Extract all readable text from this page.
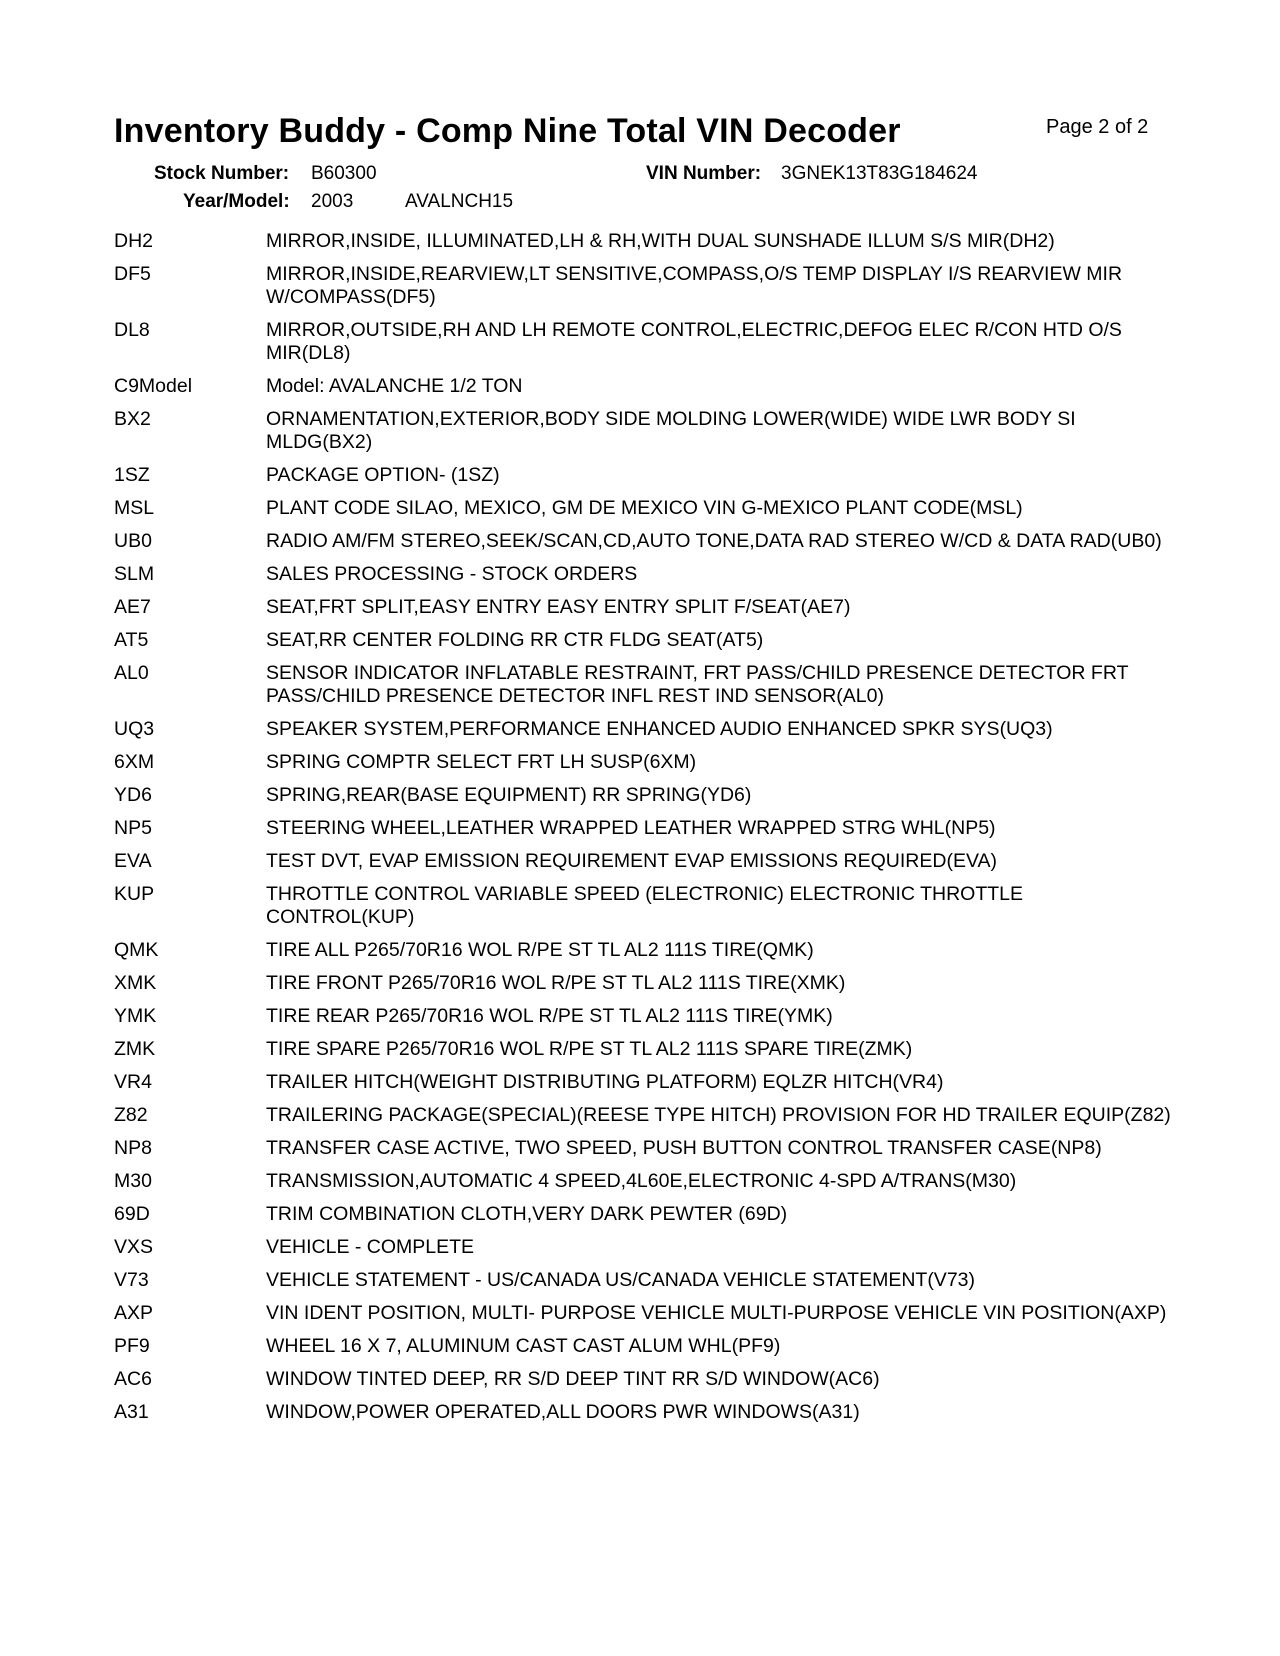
Inventory Buddy - Comp Nine Total VIN Decoder	Page 2 of 2
Stock Number: B60300	VIN Number: 3GNEK13T83G184624
Year/Model: 2003	AVALNCH15
DH2	MIRROR,INSIDE, ILLUMINATED,LH & RH,WITH DUAL SUNSHADE ILLUM S/S MIR(DH2)
DF5	MIRROR,INSIDE,REARVIEW,LT SENSITIVE,COMPASS,O/S TEMP DISPLAY I/S REARVIEW MIR W/COMPASS(DF5)
DL8	MIRROR,OUTSIDE,RH AND LH REMOTE CONTROL,ELECTRIC,DEFOG ELEC R/CON HTD O/S MIR(DL8)
C9Model	Model: AVALANCHE 1/2 TON
BX2	ORNAMENTATION,EXTERIOR,BODY SIDE MOLDING LOWER(WIDE) WIDE LWR BODY SI MLDG(BX2)
1SZ	PACKAGE OPTION- (1SZ)
MSL	PLANT CODE SILAO, MEXICO, GM DE MEXICO VIN G-MEXICO PLANT CODE(MSL)
UB0	RADIO AM/FM STEREO,SEEK/SCAN,CD,AUTO TONE,DATA RAD STEREO W/CD & DATA RAD(UB0)
SLM	SALES PROCESSING - STOCK ORDERS
AE7	SEAT,FRT SPLIT,EASY ENTRY EASY ENTRY SPLIT F/SEAT(AE7)
AT5	SEAT,RR CENTER FOLDING RR CTR FLDG SEAT(AT5)
AL0	SENSOR INDICATOR INFLATABLE RESTRAINT, FRT PASS/CHILD PRESENCE DETECTOR FRT PASS/CHILD PRESENCE DETECTOR INFL REST IND SENSOR(AL0)
UQ3	SPEAKER SYSTEM,PERFORMANCE ENHANCED AUDIO ENHANCED SPKR SYS(UQ3)
6XM	SPRING COMPTR SELECT FRT LH SUSP(6XM)
YD6	SPRING,REAR(BASE EQUIPMENT) RR SPRING(YD6)
NP5	STEERING WHEEL,LEATHER WRAPPED LEATHER WRAPPED STRG WHL(NP5)
EVA	TEST DVT, EVAP EMISSION REQUIREMENT EVAP EMISSIONS REQUIRED(EVA)
KUP	THROTTLE CONTROL VARIABLE SPEED (ELECTRONIC) ELECTRONIC THROTTLE CONTROL(KUP)
QMK	TIRE ALL P265/70R16 WOL R/PE ST TL AL2 111S TIRE(QMK)
XMK	TIRE FRONT P265/70R16 WOL R/PE ST TL AL2 111S TIRE(XMK)
YMK	TIRE REAR P265/70R16 WOL R/PE ST TL AL2 111S TIRE(YMK)
ZMK	TIRE SPARE P265/70R16 WOL R/PE ST TL AL2 111S SPARE TIRE(ZMK)
VR4	TRAILER HITCH(WEIGHT DISTRIBUTING PLATFORM) EQLZR HITCH(VR4)
Z82	TRAILERING PACKAGE(SPECIAL)(REESE TYPE HITCH) PROVISION FOR HD TRAILER EQUIP(Z82)
NP8	TRANSFER CASE ACTIVE, TWO SPEED, PUSH BUTTON CONTROL TRANSFER CASE(NP8)
M30	TRANSMISSION,AUTOMATIC 4 SPEED,4L60E,ELECTRONIC 4-SPD A/TRANS(M30)
69D	TRIM COMBINATION CLOTH,VERY DARK PEWTER (69D)
VXS	VEHICLE - COMPLETE
V73	VEHICLE STATEMENT - US/CANADA US/CANADA VEHICLE STATEMENT(V73)
AXP	VIN IDENT POSITION, MULTI- PURPOSE VEHICLE MULTI-PURPOSE VEHICLE VIN POSITION(AXP)
PF9	WHEEL 16 X 7, ALUMINUM CAST CAST ALUM WHL(PF9)
AC6	WINDOW TINTED DEEP, RR S/D DEEP TINT RR S/D WINDOW(AC6)
A31	WINDOW,POWER OPERATED,ALL DOORS PWR WINDOWS(A31)
